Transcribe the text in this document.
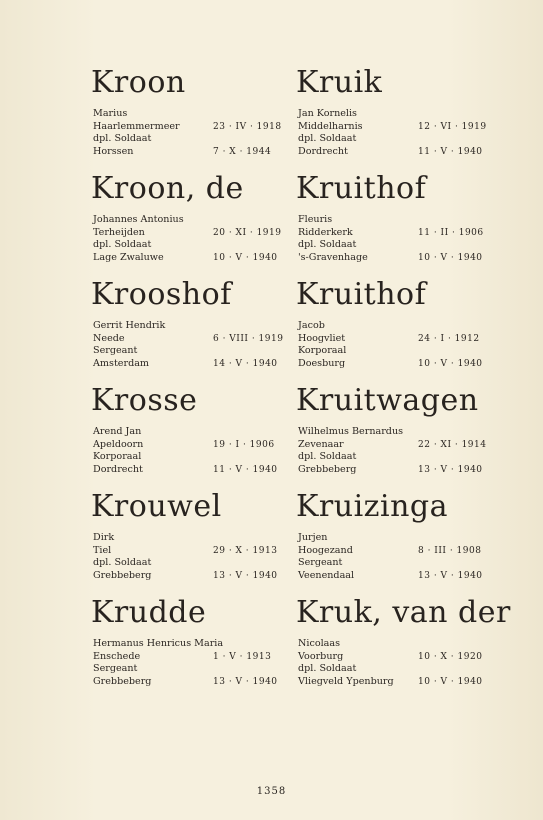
Kroon
Marius
Haarlemmermeer	23 · IV · 1918
dpl. Soldaat
Horssen	7 · X · 1944
Kroon, de
Johannes Antonius
Terheijden	20 · XI · 1919
dpl. Soldaat
Lage Zwaluwe	10 · V · 1940
Krooshof
Gerrit Hendrik
Neede	6 · VIII · 1919
Sergeant
Amsterdam	14 · V · 1940
Krosse
Arend Jan
Apeldoorn	19 · I · 1906
Korporaal
Dordrecht	11 · V · 1940
Krouwel
Dirk
Tiel	29 · X · 1913
dpl. Soldaat
Grebbeberg	13 · V · 1940
Krudde
Hermanus Henricus Maria
Enschede	1 · V · 1913
Sergeant
Grebbeberg	13 · V · 1940
Kruik
Jan Kornelis
Middelharnis	12 · VI · 1919
dpl. Soldaat
Dordrecht	11 · V · 1940
Kruithof
Fleuris
Ridderkerk	11 · II · 1906
dpl. Soldaat
's-Gravenhage	10 · V · 1940
Kruithof
Jacob
Hoogvliet	24 · I · 1912
Korporaal
Doesburg	10 · V · 1940
Kruitwagen
Wilhelmus Bernardus
Zevenaar	22 · XI · 1914
dpl. Soldaat
Grebbeberg	13 · V · 1940
Kruizinga
Jurjen
Hoogezand	8 · III · 1908
Sergeant
Veenendaal	13 · V · 1940
Kruk, van der
Nicolaas
Voorburg	10 · X · 1920
dpl. Soldaat
Vliegveld Ypenburg	10 · V · 1940
1358
